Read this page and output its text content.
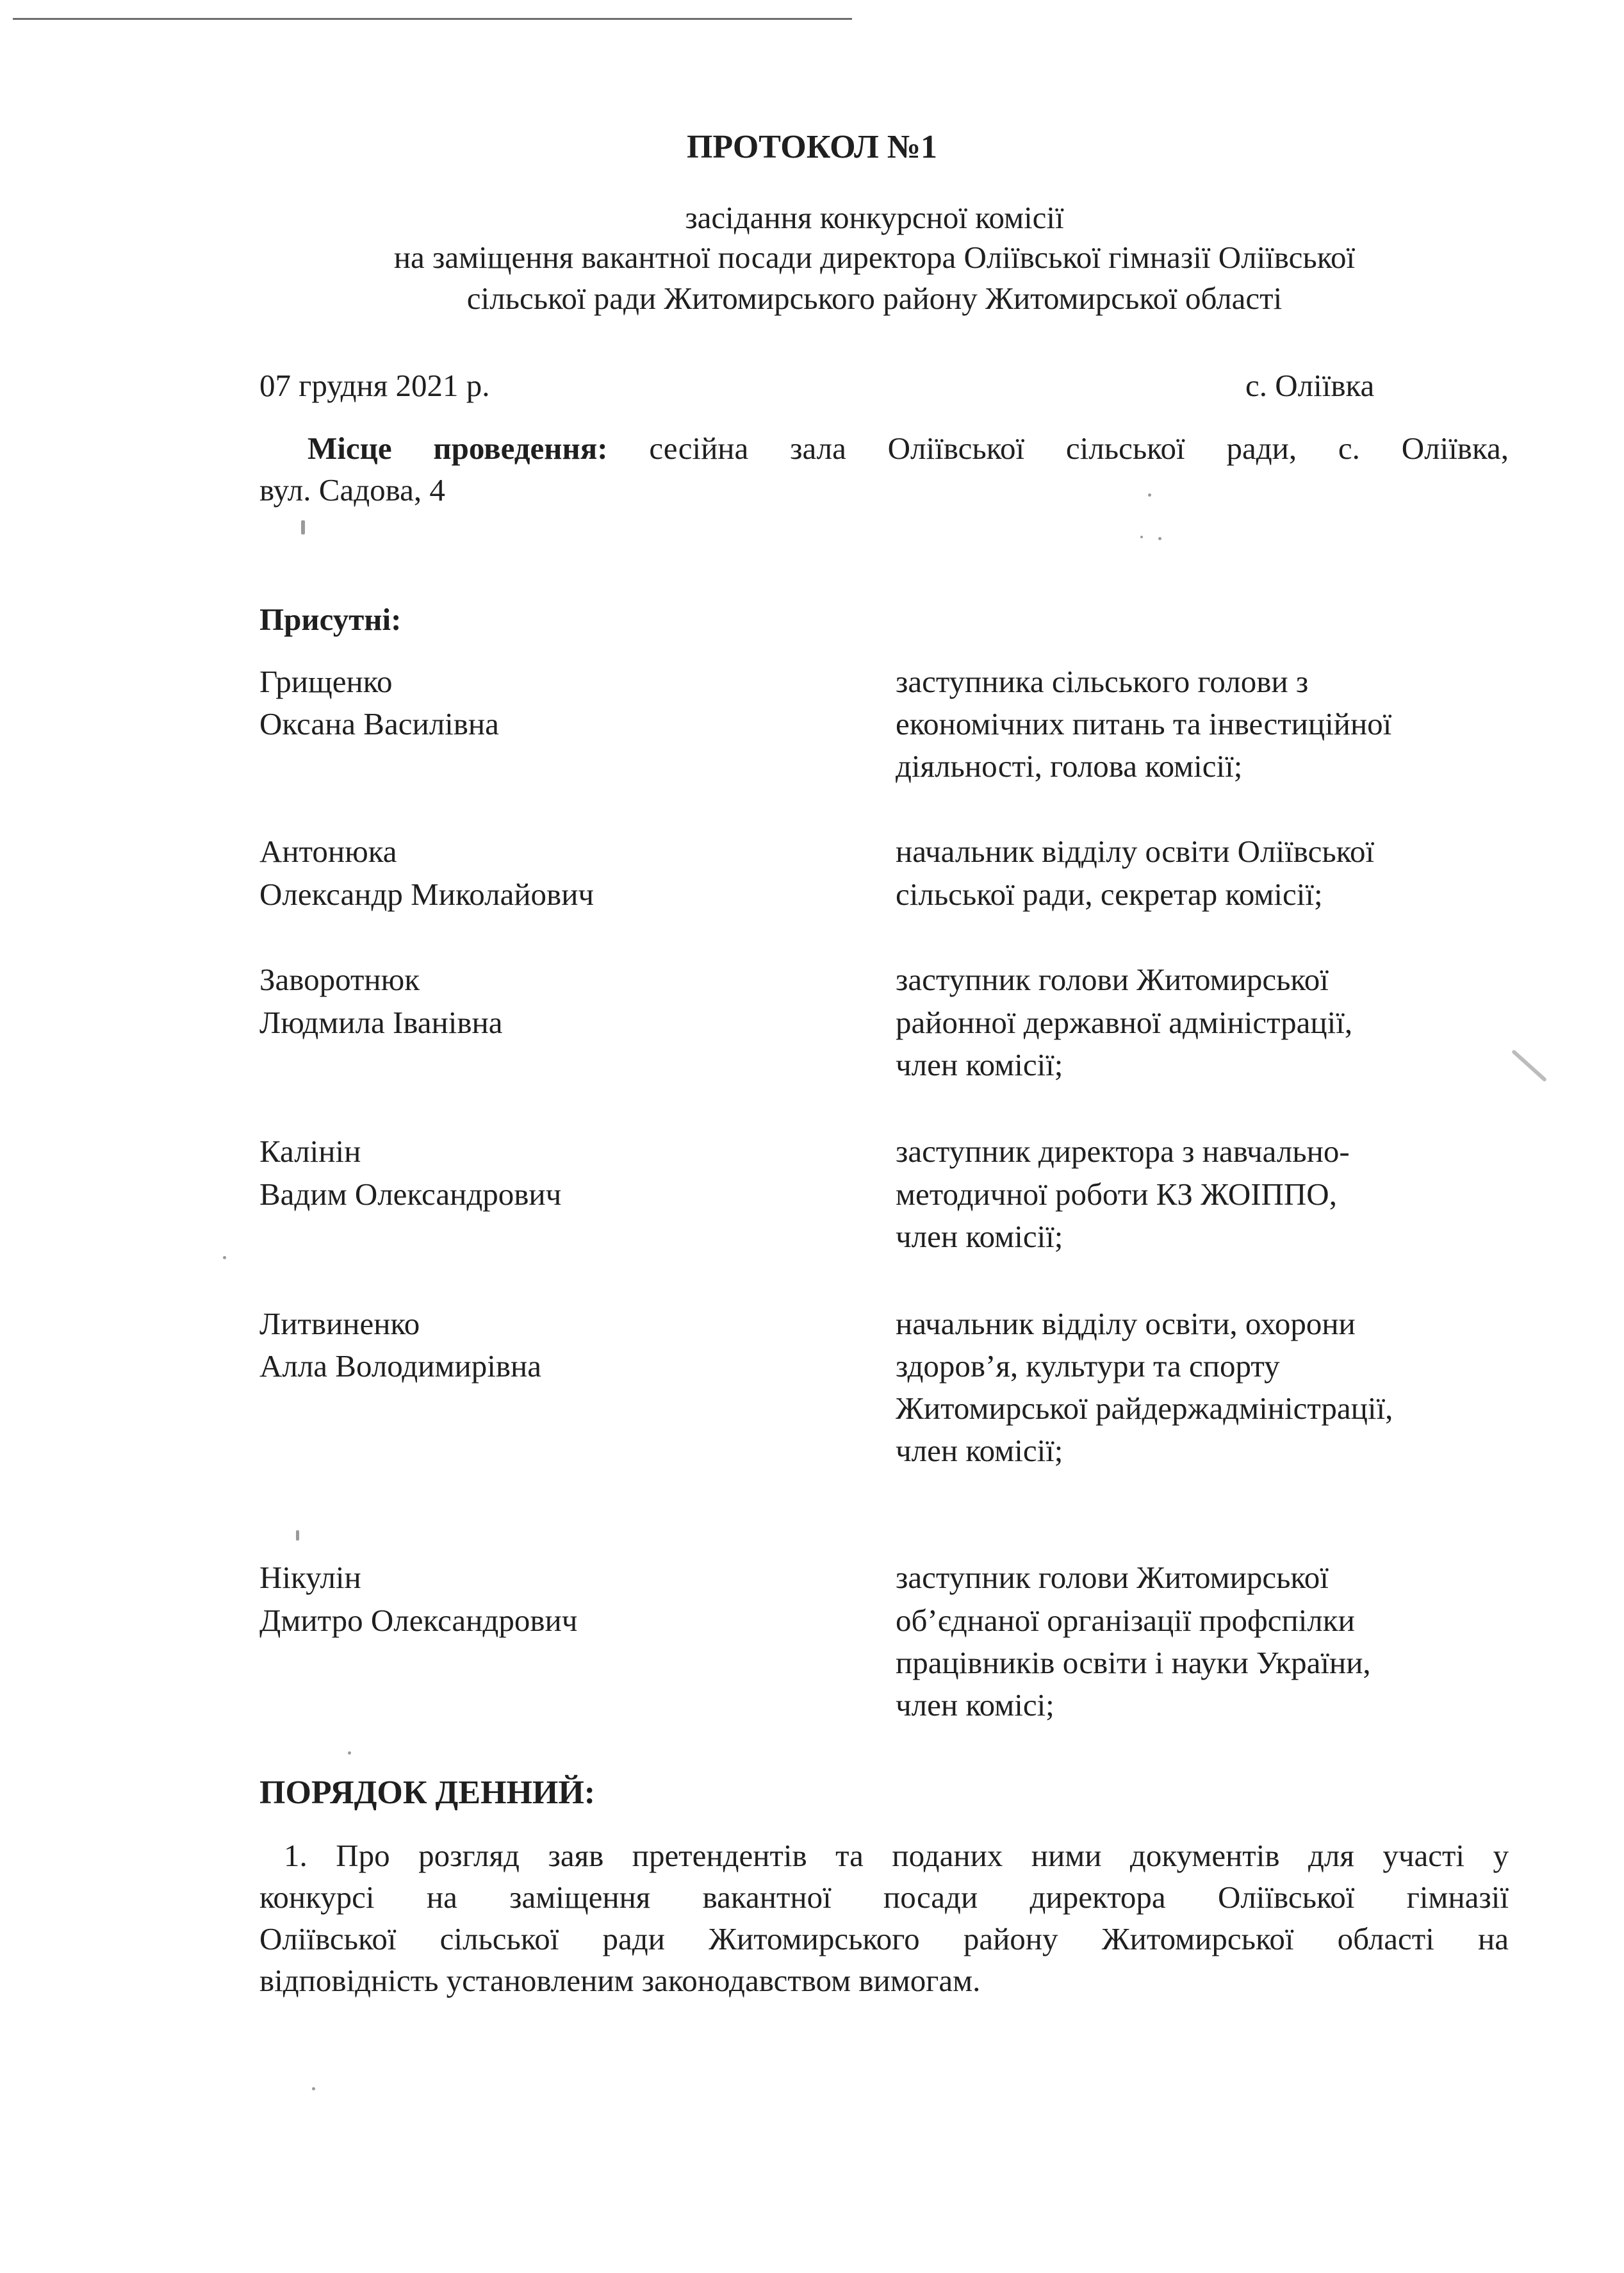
ПРОТОКОЛ №1
засідання конкурсної комісії
на заміщення вакантної посади директора Оліївської гімназії Оліївської
сільської ради Житомирського району Житомирської області
07 грудня 2021 р.	с. Оліївка
Місце проведення: сесійна зала Оліївської сільської ради, с. Оліївка,
вул. Садова, 4
Присутні:
Грищенко
Оксана Василівна
заступника сільського голови з
економічних питань та інвестиційної
діяльності, голова комісії;
Антонюка
Олександр Миколайович
начальник відділу освіти Оліївської
сільської ради, секретар комісії;
Заворотнюк
Людмила Іванівна
заступник голови Житомирської
районної державної адміністрації,
член комісії;
Калінін
Вадим Олександрович
заступник директора з навчально-
методичної роботи КЗ ЖОІППО,
член комісії;
Литвиненко
Алла Володимирівна
начальник відділу освіти, охорони
здоров’я, культури та спорту
Житомирської райдержадміністрації,
член комісії;
Нікулін
Дмитро Олександрович
заступник голови Житомирської
об’єднаної організації профспілки
працівників освіти і науки України,
член комісі;
ПОРЯДОК ДЕННИЙ:
1. Про розгляд заяв претендентів та поданих ними документів для участі у
конкурсі на заміщення вакантної посади директора Оліївської гімназії
Оліївської сільської ради Житомирського району Житомирської області на
відповідність установленим законодавством вимогам.
